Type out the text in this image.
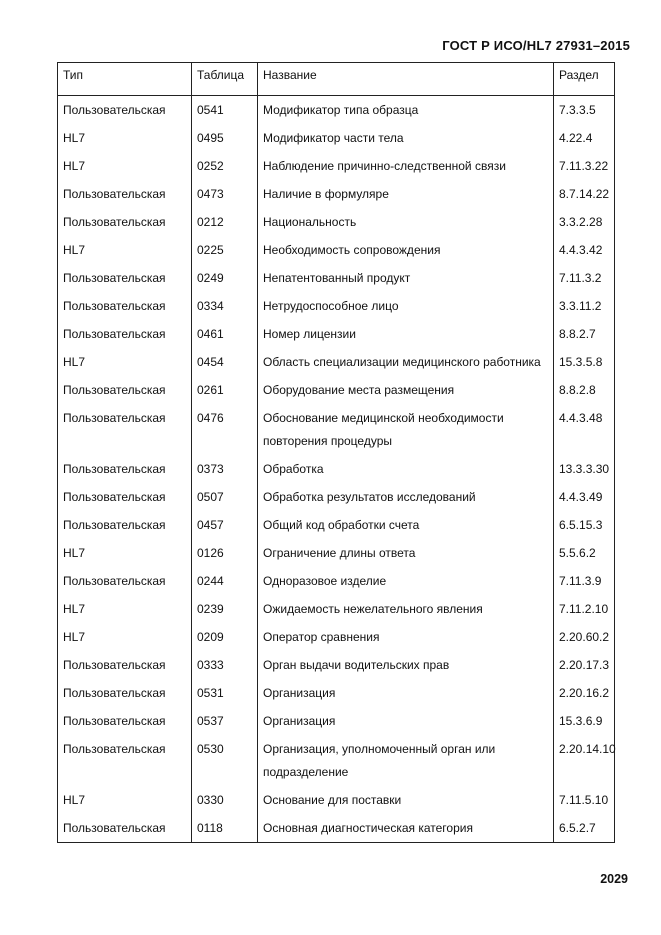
ГОСТ Р ИСО/HL7 27931–2015
Тип	Таблица	Название	Раздел
Пользовательская	0541	Модификатор типа образца	7.3.3.5
HL7	0495	Модификатор части тела	4.22.4
HL7	0252	Наблюдение причинно-следственной связи	7.11.3.22
Пользовательская	0473	Наличие в формуляре	8.7.14.22
Пользовательская	0212	Национальность	3.3.2.28
HL7	0225	Необходимость сопровождения	4.4.3.42
Пользовательская	0249	Непатентованный продукт	7.11.3.2
Пользовательская	0334	Нетрудоспособное лицо	3.3.11.2
Пользовательская	0461	Номер лицензии	8.8.2.7
HL7	0454	Область специализации медицинского работника	15.3.5.8
Пользовательская	0261	Оборудование места размещения	8.8.2.8
Пользовательская	0476	Обоснование медицинской необходимости повторения процедуры	4.4.3.48
Пользовательская	0373	Обработка	13.3.3.30
Пользовательская	0507	Обработка результатов исследований	4.4.3.49
Пользовательская	0457	Общий код обработки счета	6.5.15.3
HL7	0126	Ограничение длины ответа	5.5.6.2
Пользовательская	0244	Одноразовое изделие	7.11.3.9
HL7	0239	Ожидаемость нежелательного явления	7.11.2.10
HL7	0209	Оператор сравнения	2.20.60.2
Пользовательская	0333	Орган выдачи водительских прав	2.20.17.3
Пользовательская	0531	Организация	2.20.16.2
Пользовательская	0537	Организация	15.3.6.9
Пользовательская	0530	Организация, уполномоченный орган или подразделение	2.20.14.10
HL7	0330	Основание для поставки	7.11.5.10
Пользовательская	0118	Основная диагностическая категория	6.5.2.7
2029
